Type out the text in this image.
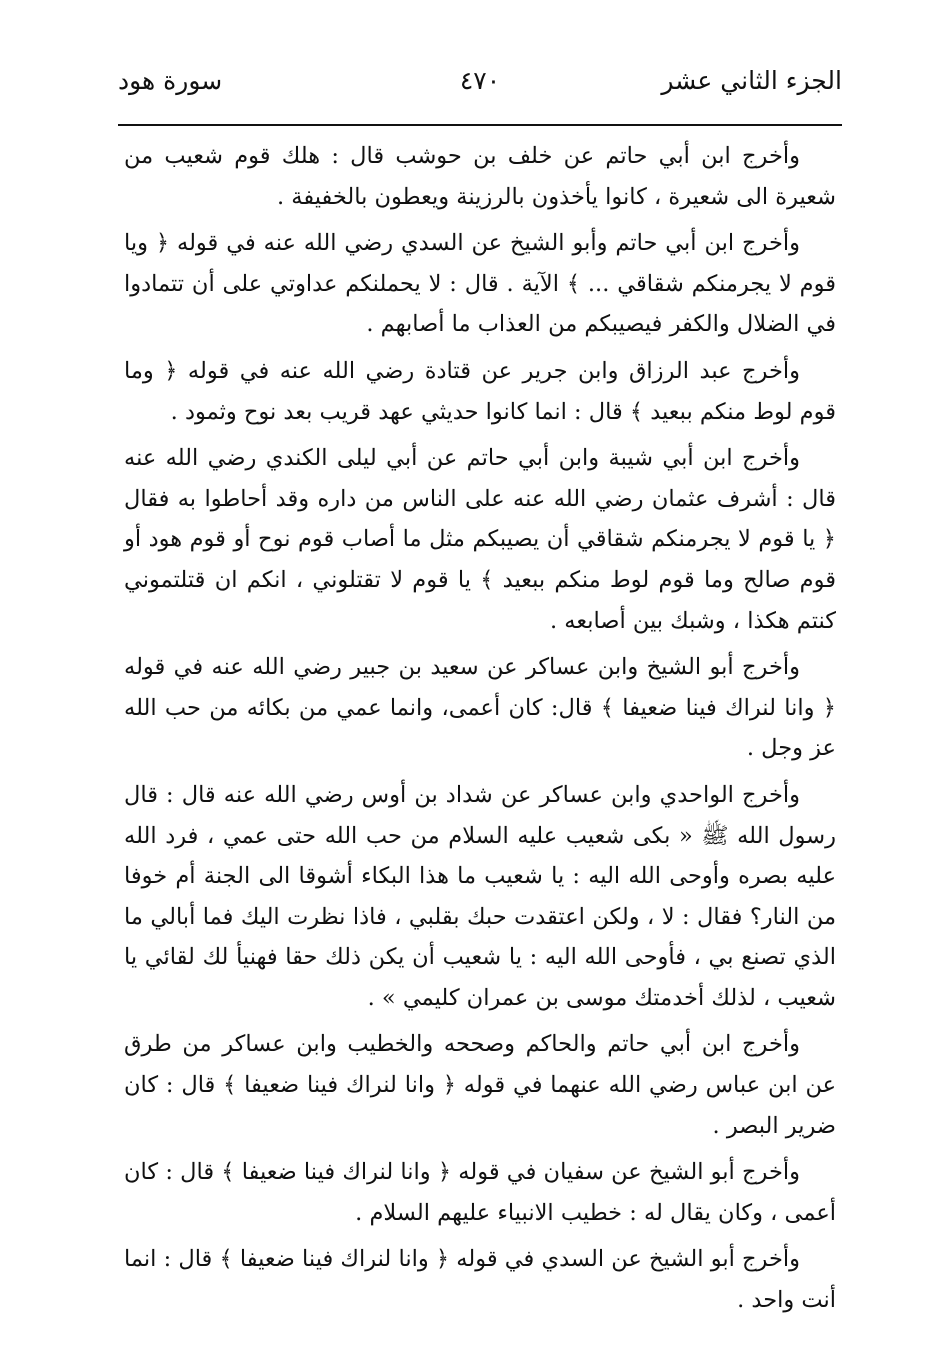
الجزء الثاني عشر
٤٧٠
سورة هود

وأخرج ابن أبي حاتم عن خلف بن حوشب قال : هلك قوم شعيب من شعيرة الى شعيرة ، كانوا يأخذون بالرزينة ويعطون بالخفيفة .

وأخرج ابن أبي حاتم وأبو الشيخ عن السدي رضي الله عنه في قوله ﴿ ويا قوم لا يجرمنكم شقاقي ... ﴾ الآية . قال : لا يحملنكم عداوتي على أن تتمادوا في الضلال والكفر فيصيبكم من العذاب ما أصابهم .

وأخرج عبد الرزاق وابن جرير عن قتادة رضي الله عنه في قوله ﴿ وما قوم لوط منكم ببعيد ﴾ قال : انما كانوا حديثي عهد قريب بعد نوح وثمود .

وأخرج ابن أبي شيبة وابن أبي حاتم عن أبي ليلى الكندي رضي الله عنه قال : أشرف عثمان رضي الله عنه على الناس من داره وقد أحاطوا به فقال ﴿ يا قوم لا يجرمنكم شقاقي أن يصيبكم مثل ما أصاب قوم نوح أو قوم هود أو قوم صالح وما قوم لوط منكم ببعيد ﴾ يا قوم لا تقتلوني ، انكم ان قتلتموني كنتم هكذا ، وشبك بين أصابعه .

وأخرج أبو الشيخ وابن عساكر عن سعيد بن جبير رضي الله عنه في قوله ﴿ وانا لنراك فينا ضعيفا ﴾ قال: كان أعمى، وانما عمي من بكائه من حب الله عز وجل .

وأخرج الواحدي وابن عساكر عن شداد بن أوس رضي الله عنه قال : قال رسول الله ﷺ « بكى شعيب عليه السلام من حب الله حتى عمي ، فرد الله عليه بصره وأوحى الله اليه : يا شعيب ما هذا البكاء أشوقا الى الجنة أم خوفا من النار؟ فقال : لا ، ولكن اعتقدت حبك بقلبي ، فاذا نظرت اليك فما أبالي ما الذي تصنع بي ، فأوحى الله اليه : يا شعيب أن يكن ذلك حقا فهنيأ لك لقائي يا شعيب ، لذلك أخدمتك موسى بن عمران كليمي » .

وأخرج ابن أبي حاتم والحاكم وصححه والخطيب وابن عساكر من طرق عن ابن عباس رضي الله عنهما في قوله ﴿ وانا لنراك فينا ضعيفا ﴾ قال : كان ضرير البصر .

وأخرج أبو الشيخ عن سفيان في قوله ﴿ وانا لنراك فينا ضعيفا ﴾ قال : كان أعمى ، وكان يقال له : خطيب الانبياء عليهم السلام .

وأخرج أبو الشيخ عن السدي في قوله ﴿ وانا لنراك فينا ضعيفا ﴾ قال : انما أنت واحد .
